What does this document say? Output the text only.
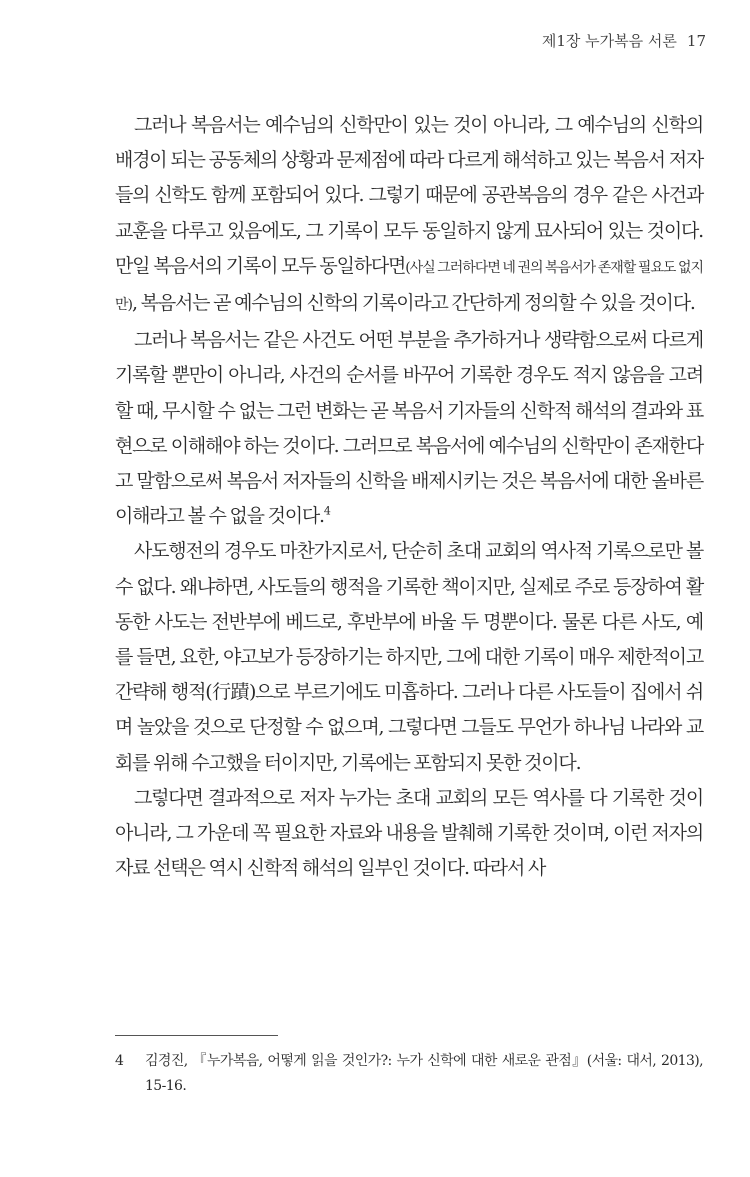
제1장 누가복음 서론 17

그러나 복음서는 예수님의 신학만이 있는 것이 아니라, 그 예수님의 신학의 배경이 되는 공동체의 상황과 문제점에 따라 다르게 해석하고 있는 복음서 저자들의 신학도 함께 포함되어 있다. 그렇기 때문에 공관복음의 경우 같은 사건과 교훈을 다루고 있음에도, 그 기록이 모두 동일하지 않게 묘사되어 있는 것이다. 만일 복음서의 기록이 모두 동일하다면(사실 그러하다면 네 권의 복음서가 존재할 필요도 없지만), 복음서는 곧 예수님의 신학의 기록이라고 간단하게 정의할 수 있을 것이다.

그러나 복음서는 같은 사건도 어떤 부분을 추가하거나 생략함으로써 다르게 기록할 뿐만이 아니라, 사건의 순서를 바꾸어 기록한 경우도 적지 않음을 고려할 때, 무시할 수 없는 그런 변화는 곧 복음서 기자들의 신학적 해석의 결과와 표현으로 이해해야 하는 것이다. 그러므로 복음서에 예수님의 신학만이 존재한다고 말함으로써 복음서 저자들의 신학을 배제시키는 것은 복음서에 대한 올바른 이해라고 볼 수 없을 것이다.$^4$

사도행전의 경우도 마찬가지로서, 단순히 초대 교회의 역사적 기록으로만 볼 수 없다. 왜냐하면, 사도들의 행적을 기록한 책이지만, 실제로 주로 등장하여 활동한 사도는 전반부에 베드로, 후반부에 바울 두 명뿐이다. 물론 다른 사도, 예를 들면, 요한, 야고보가 등장하기는 하지만, 그에 대한 기록이 매우 제한적이고 간략해 행적(行蹟)으로 부르기에도 미흡하다. 그러나 다른 사도들이 집에서 쉬며 놀았을 것으로 단정할 수 없으며, 그렇다면 그들도 무언가 하나님 나라와 교회를 위해 수고했을 터이지만, 기록에는 포함되지 못한 것이다.

그렇다면 결과적으로 저자 누가는 초대 교회의 모든 역사를 다 기록한 것이 아니라, 그 가운데 꼭 필요한 자료와 내용을 발췌해 기록한 것이며, 이런 저자의 자료 선택은 역시 신학적 해석의 일부인 것이다. 따라서 사

4 김경진, 『누가복음, 어떻게 읽을 것인가?: 누가 신학에 대한 새로운 관점』(서울: 대서, 2013), 15-16.
